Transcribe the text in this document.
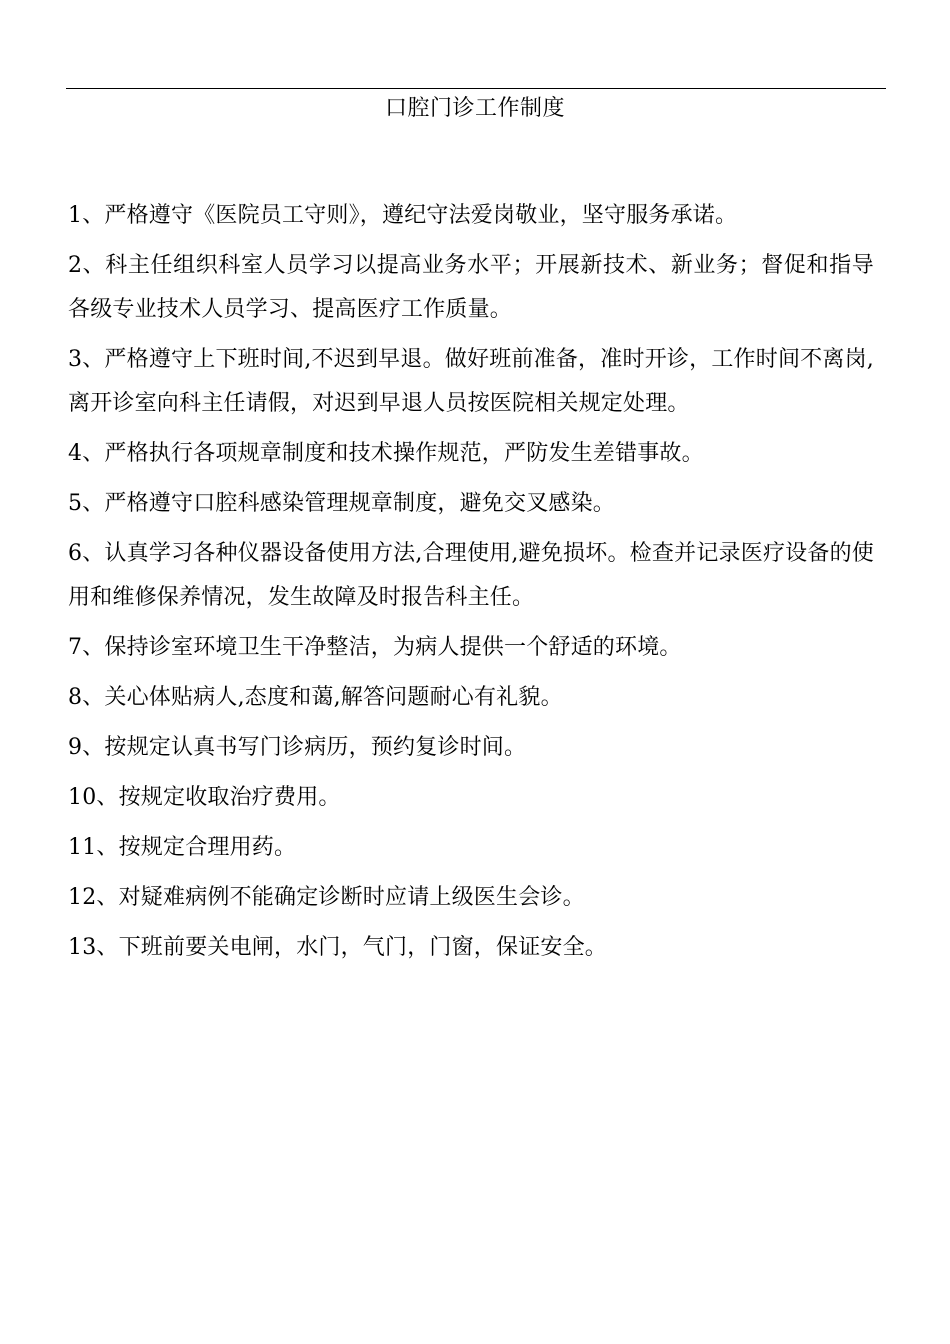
口腔门诊工作制度
1、严格遵守《医院员工守则》，遵纪守法爱岗敬业，坚守服务承诺。
2、科主任组织科室人员学习以提高业务水平；开展新技术、新业务；督促和指导各级专业技术人员学习、提高医疗工作质量。
3、严格遵守上下班时间,不迟到早退。做好班前准备，准时开诊，工作时间不离岗,离开诊室向科主任请假，对迟到早退人员按医院相关规定处理。
4、严格执行各项规章制度和技术操作规范，严防发生差错事故。
5、严格遵守口腔科感染管理规章制度，避免交叉感染。
6、认真学习各种仪器设备使用方法,合理使用,避免损坏。检查并记录医疗设备的使用和维修保养情况，发生故障及时报告科主任。
7、保持诊室环境卫生干净整洁，为病人提供一个舒适的环境。
8、关心体贴病人,态度和蔼,解答问题耐心有礼貌。
9、按规定认真书写门诊病历，预约复诊时间。
10、按规定收取治疗费用。
11、按规定合理用药。
12、对疑难病例不能确定诊断时应请上级医生会诊。
13、下班前要关电闸，水门，气门，门窗，保证安全。
